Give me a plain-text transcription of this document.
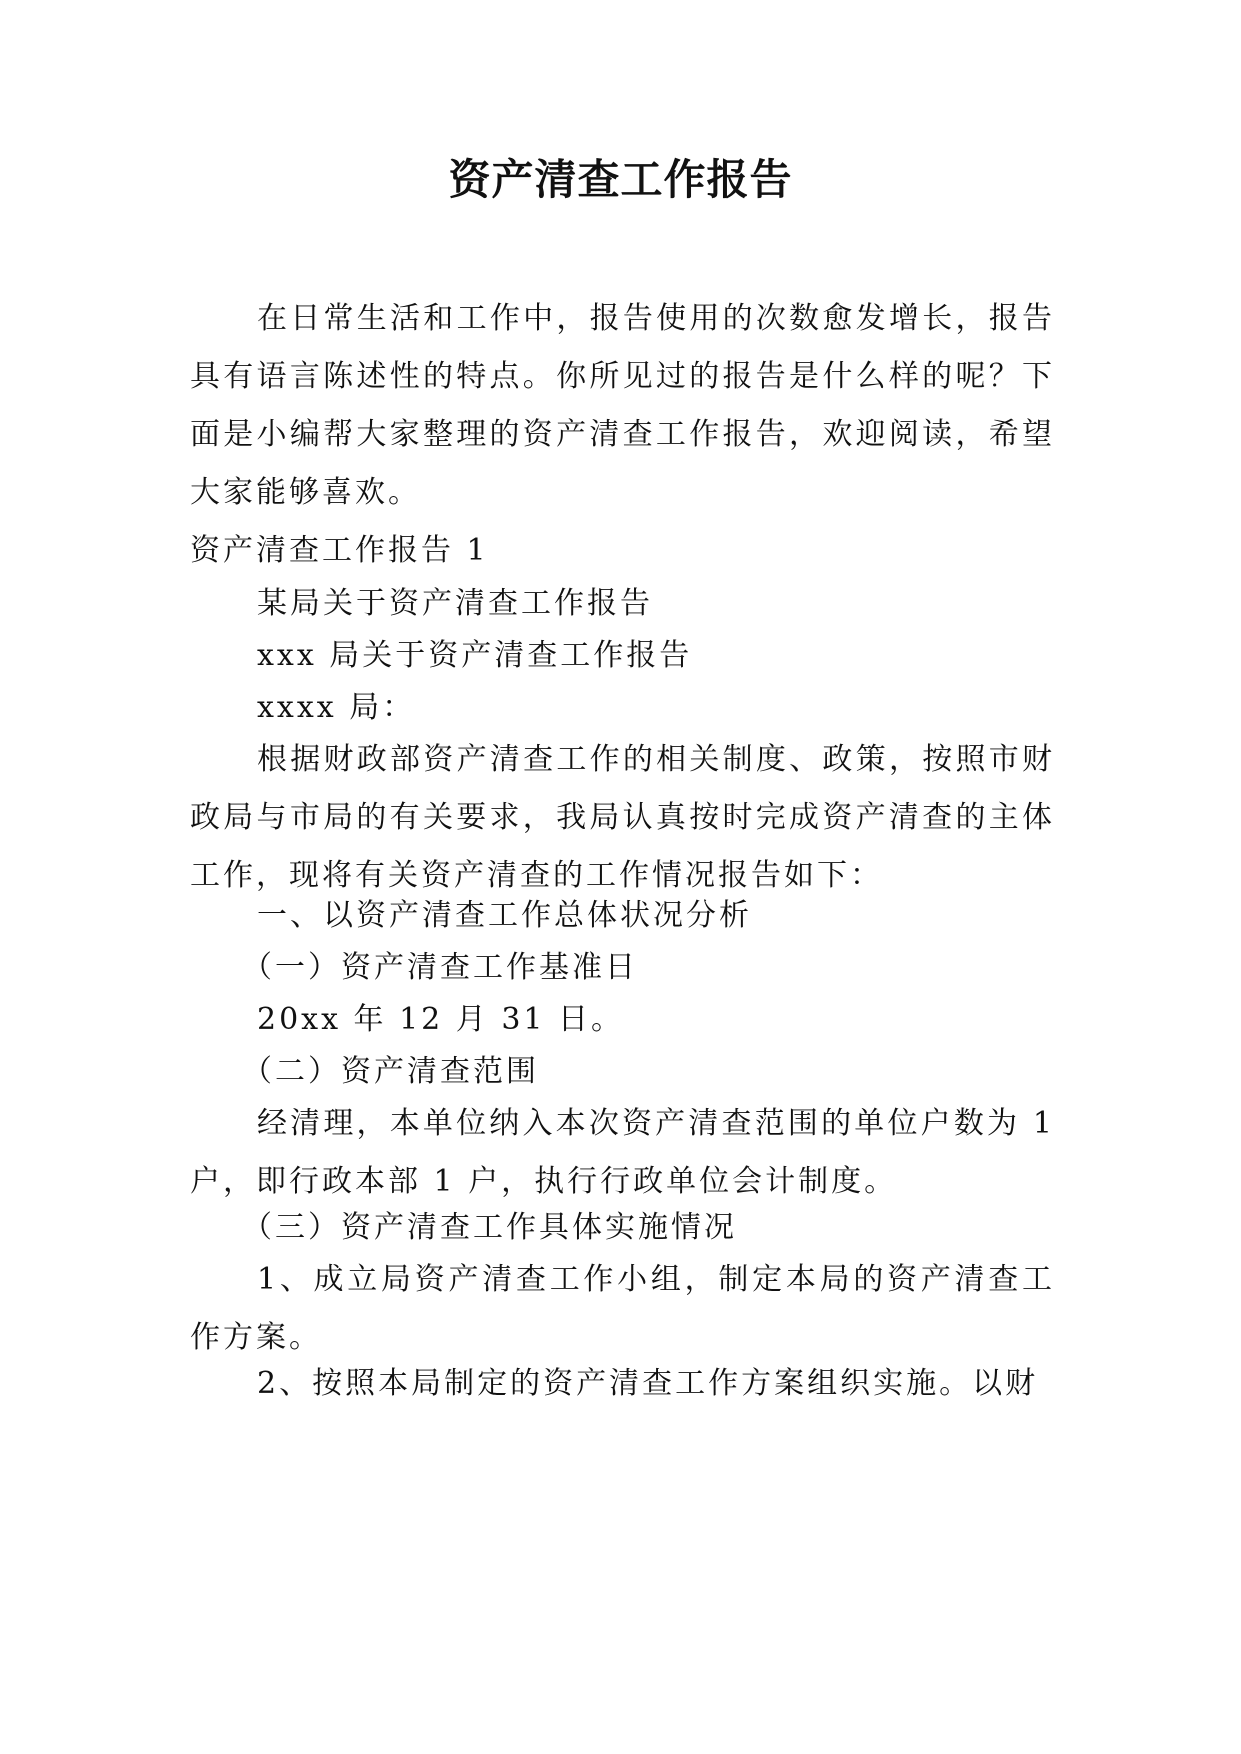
资产清查工作报告
在日常生活和工作中，报告使用的次数愈发增长，报告具有语言陈述性的特点。你所见过的报告是什么样的呢？下面是小编帮大家整理的资产清查工作报告，欢迎阅读，希望大家能够喜欢。

资产清查工作报告 1

某局关于资产清查工作报告

xxx 局关于资产清查工作报告

xxxx 局：

根据财政部资产清查工作的相关制度、政策，按照市财政局与市局的有关要求，我局认真按时完成资产清查的主体工作，现将有关资产清查的工作情况报告如下：

一、以资产清查工作总体状况分析

（一）资产清查工作基准日

20xx 年 12 月 31 日。

（二）资产清查范围

经清理，本单位纳入本次资产清查范围的单位户数为 1 户，即行政本部 1 户，执行行政单位会计制度。

（三）资产清查工作具体实施情况

1、成立局资产清查工作小组，制定本局的资产清查工作方案。

2、按照本局制定的资产清查工作方案组织实施。以财
